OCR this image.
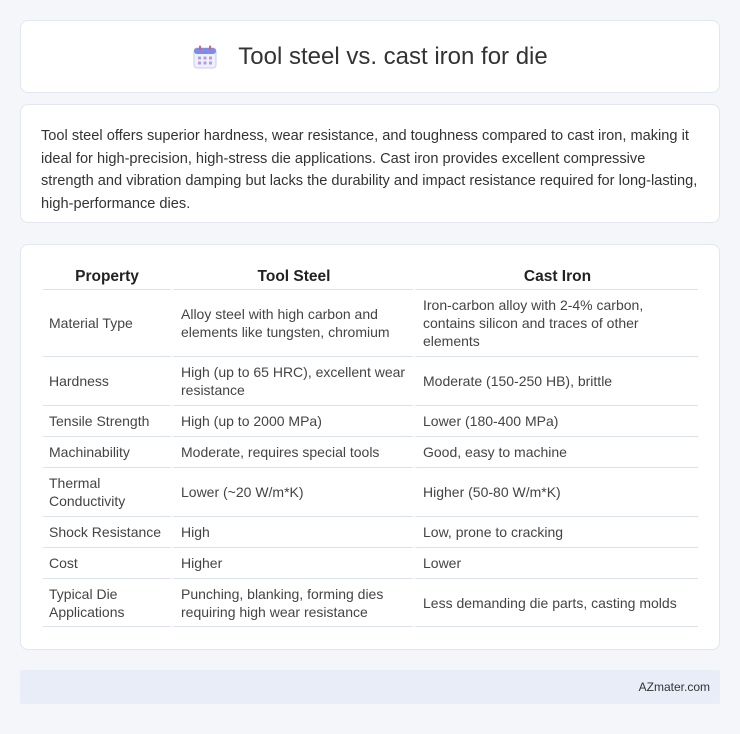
Tool steel vs. cast iron for die

Tool steel offers superior hardness, wear resistance, and toughness compared to cast iron, making it ideal for high-precision, high-stress die applications. Cast iron provides excellent compressive strength and vibration damping but lacks the durability and impact resistance required for long-lasting, high-performance dies.

Property	Tool Steel	Cast Iron
Material Type	Alloy steel with high carbon and elements like tungsten, chromium	Iron-carbon alloy with 2-4% carbon, contains silicon and traces of other elements
Hardness	High (up to 65 HRC), excellent wear resistance	Moderate (150-250 HB), brittle
Tensile Strength	High (up to 2000 MPa)	Lower (180-400 MPa)
Machinability	Moderate, requires special tools	Good, easy to machine
Thermal Conductivity	Lower (~20 W/m*K)	Higher (50-80 W/m*K)
Shock Resistance	High	Low, prone to cracking
Cost	Higher	Lower
Typical Die Applications	Punching, blanking, forming dies requiring high wear resistance	Less demanding die parts, casting molds
AZmater.com
